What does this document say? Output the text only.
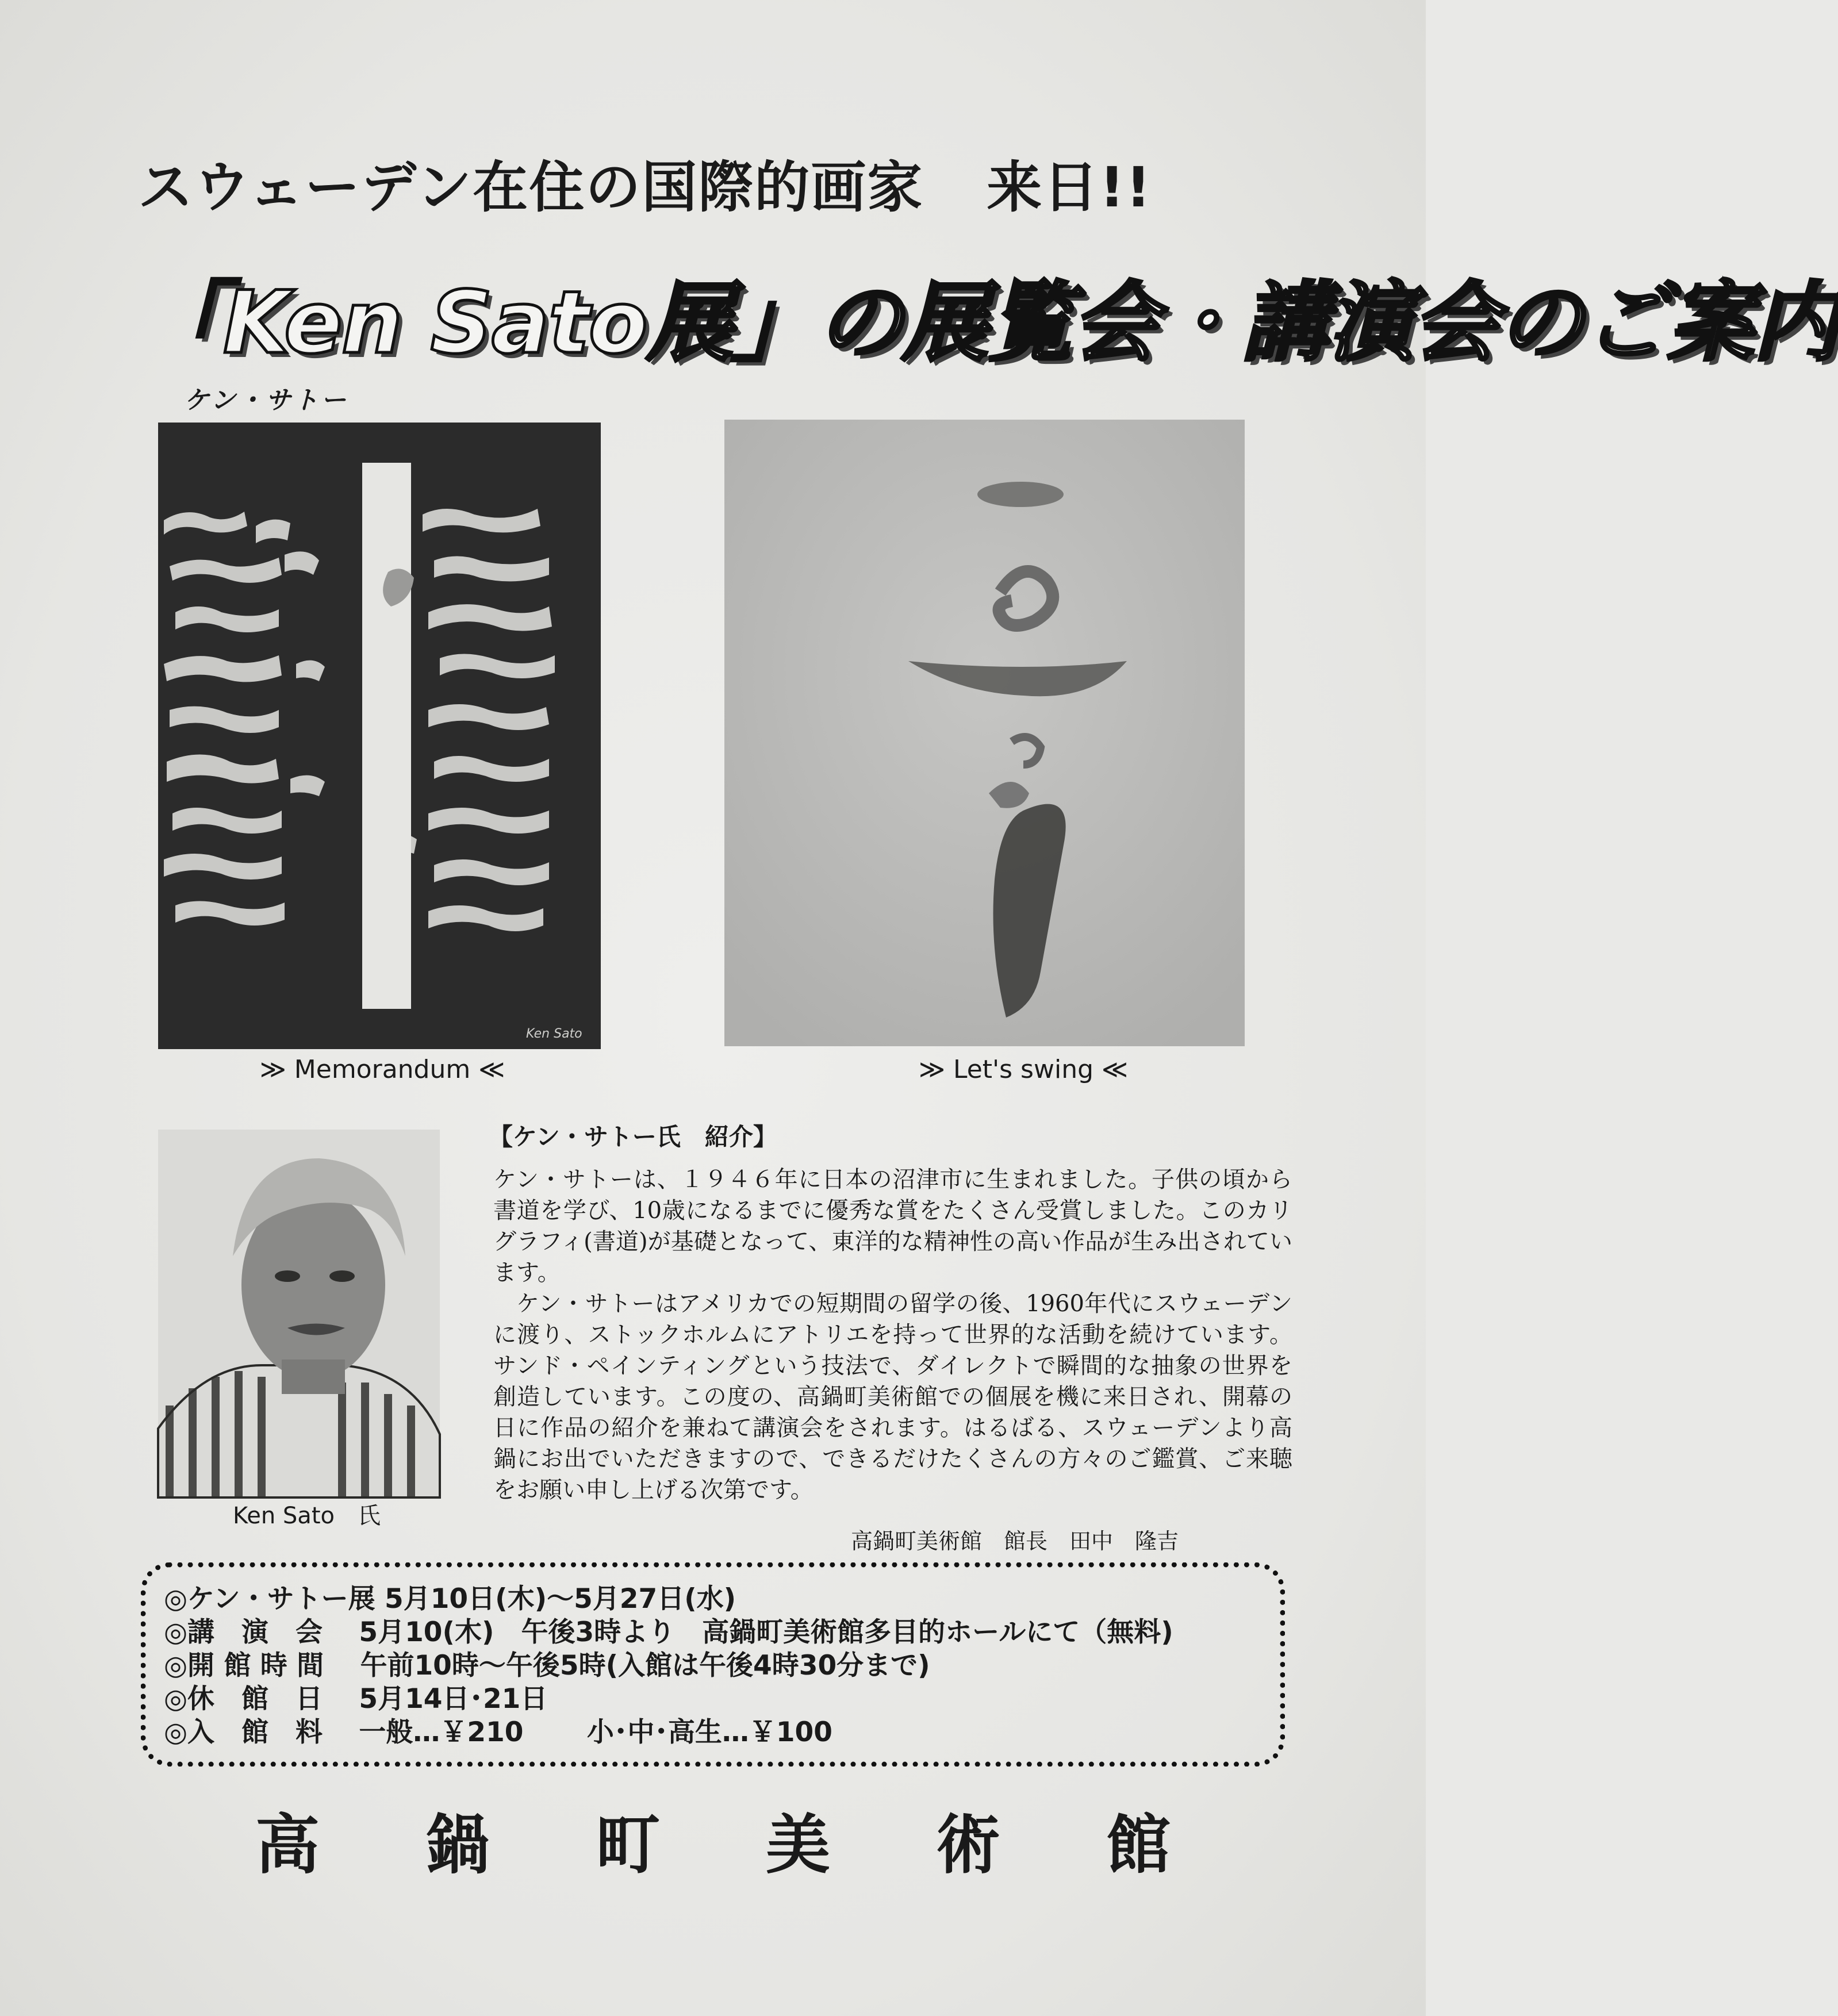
スウェーデン在住の国際的画家 来日!!
「Ken Sato展」の展覧会・講演会のご案内
ケン・サトー
Ken Sato
≫ Memorandum ≪	≫ Let's swing ≪
Ken Sato　氏
【ケン・サトー氏　紹介】

ケン・サトーは、１９４６年に日本の沼津市に生まれました。子供の頃から書道を学び、10歳になるまでに優秀な賞をたくさん受賞しました。このカリグラフィ(書道)が基礎となって、東洋的な精神性の高い作品が生み出されています。

ケン・サトーはアメリカでの短期間の留学の後、1960年代にスウェーデンに渡り、ストックホルムにアトリエを持って世界的な活動を続けています。サンド・ペインティングという技法で、ダイレクトで瞬間的な抽象の世界を創造しています。この度の、高鍋町美術館での個展を機に来日され、開幕の日に作品の紹介を兼ねて講演会をされます。はるばる、スウェーデンより高鍋にお出でいただきますので、できるだけたくさんの方々のご鑑賞、ご来聴をお願い申し上げる次第です。

高鍋町美術館　館長　田中　隆吉
◎ケン・サトー展 5月10日(木)～5月27日(水)
◎講　演　会　 5月10(木)　午後3時より　高鍋町美術館多目的ホールにて（無料)
◎開 館 時 間　 午前10時～午後5時(入館は午後4時30分まで)
◎休　館　日　 5月14日･21日
◎入　館　料　 一般…￥210　　 小･中･高生…￥100
高 鍋 町 美 術 館
